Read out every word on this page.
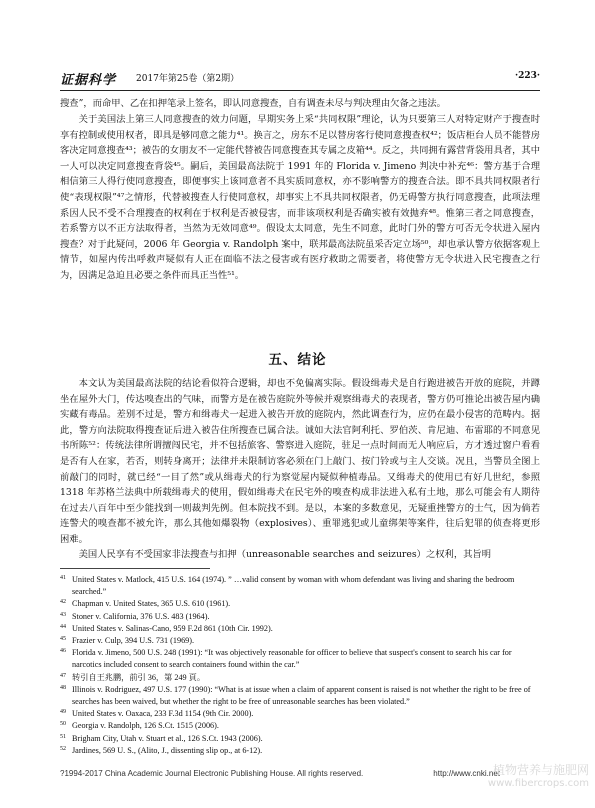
证据科学 2017年第25卷（第2期）	·223·

搜查”，而命甲、乙在扣押笔录上签名，即认同意搜查，自有调查未尽与判决理由欠备之违法。

关于美国法上第三人同意搜查的效力问题，早期实务上采“共同权限”理论，认为只要第三人对特定财产于搜查时享有控制或使用权者，即具是够同意之能力⁴¹。换言之，房东不足以替房客行使同意搜查权⁴²；饭店柜台人员不能替房客决定同意搜查⁴³；被告的女朋友不一定能代替被告同意搜查其专属之皮箱⁴⁴。反之，共同拥有露营背袋用具者，其中一人可以决定同意搜查背袋⁴⁵。嗣后，美国最高法院于 1991 年的 Florida v. Jimeno 判决中补充⁴⁶：警方基于合理相信第三人得行使同意搜查，即便事实上该同意者不具实质同意权，亦不影响警方的搜查合法。即不具共同权限者行使“表现权限”⁴⁷之情形，代替被搜查人行使同意权，却事实上不具共同权限者，仍无碍警方执行同意搜查，此项法理系因人民不受不合理搜查的权利在于权利是否被侵害，而非该项权利是否确实被有效抛弃⁴⁸。惟第三者之同意搜查，若系警方以不正方法取得者，当然为无效同意⁴⁹。假设太太同意，先生不同意，此时门外的警方可否无令状进入屋内搜查？对于此疑问，2006 年 Georgia v. Randolph 案中，联邦最高法院虽采否定立场⁵⁰，却也承认警方依据客观上情节，如屋内传出呼救声疑似有人正在面临不法之侵害或有医疗救助之需要者，将使警方无令状进入民宅搜查之行为，因满足急迫且必要之条件而具正当性⁵¹。

五、结论

本文认为美国最高法院的结论看似符合逻辑，却也不免偏离实际。假设缉毒犬是自行跑进被告开放的庭院，并蹲坐在屋外大门，传达嗅查出的气味，而警方是在被告庭院外等候并观察缉毒犬的表现者，警方仍可推论出被告屋内确实藏有毒品。差别不过是，警方和缉毒犬一起进入被告开放的庭院内，然此调查行为，应仍在最小侵害的范畴内。据此，警方向法院取得搜查证后进入被告住所搜查已属合法。诚如大法官阿利托、罗伯茨、肯尼迪、布雷耶的不同意见书所陈⁵²：传统法律所谓擅闯民宅，并不包括旅客、警察进入庭院，驻足一点时间而无人响应后，方才透过窗户看看是否有人在家，若否，则转身离开；法律并未限制访客必须在门上敲门、按门铃或与主人交谈。况且，当警员全图上前敲门的同时，就已经“一目了然”或从缉毒犬的行为察觉屋内疑似种植毒品。又缉毒犬的使用已有好几世纪，参照 1318 年苏格兰法典中所载缉毒犬的使用，假如缉毒犬在民宅外的嗅查构成非法进入私有土地，那么可能会有人期待在过去八百年中至少能找到一则裁判先例。但本院找不到。是以，本案的多数意见，无疑重挫警方的士气，因为倘若连警犬的嗅查都不被允许，那么其他如爆裂物（explosives）、重罪逃犯或儿童绑架等案件，往后犯罪的侦查将更形困难。

美国人民享有不受国家非法搜查与扣押（unreasonable searches and seizures）之权利，其旨明

41 United States v. Matlock, 415 U.S. 164 (1974). ” …valid consent by woman with whom defendant was living and sharing the bedroom searched.”
42 Chapman v. United States, 365 U.S. 610 (1961).
43 Stoner v. California, 376 U.S. 483 (1964).
44 United States v. Salinas-Cano, 959 F.2d 861 (10th Cir. 1992).
45 Frazier v. Culp, 394 U.S. 731 (1969).
46 Florida v. Jimeno, 500 U.S. 248 (1991): “It was objectively reasonable for officer to believe that suspect's consent to search his car for narcotics included consent to search containers found within the car.”
47 转引自王兆鹏，前引 36，第 249 頁。
48 Illinois v. Rodriguez, 497 U.S. 177 (1990): “What is at issue when a claim of apparent consent is raised is not whether the right to be free of searches has been waived, but whether the right to be free of unreasonable searches has been violated.”
49 United States v. Oaxaca, 233 F.3d 1154 (9th Cir. 2000).
50 Georgia v. Randolph, 126 S.Ct. 1515 (2006).
51 Brigham City, Utah v. Stuart et al., 126 S.Ct. 1943 (2006).
52 Jardines, 569 U. S., (Alito, J., dissenting slip op., at 6-12).
?1994-2017 China Academic Journal Electronic Publishing House. All rights reserved.	http://www.cnki.net
植物营养与施肥网
www.fibercrops.com
